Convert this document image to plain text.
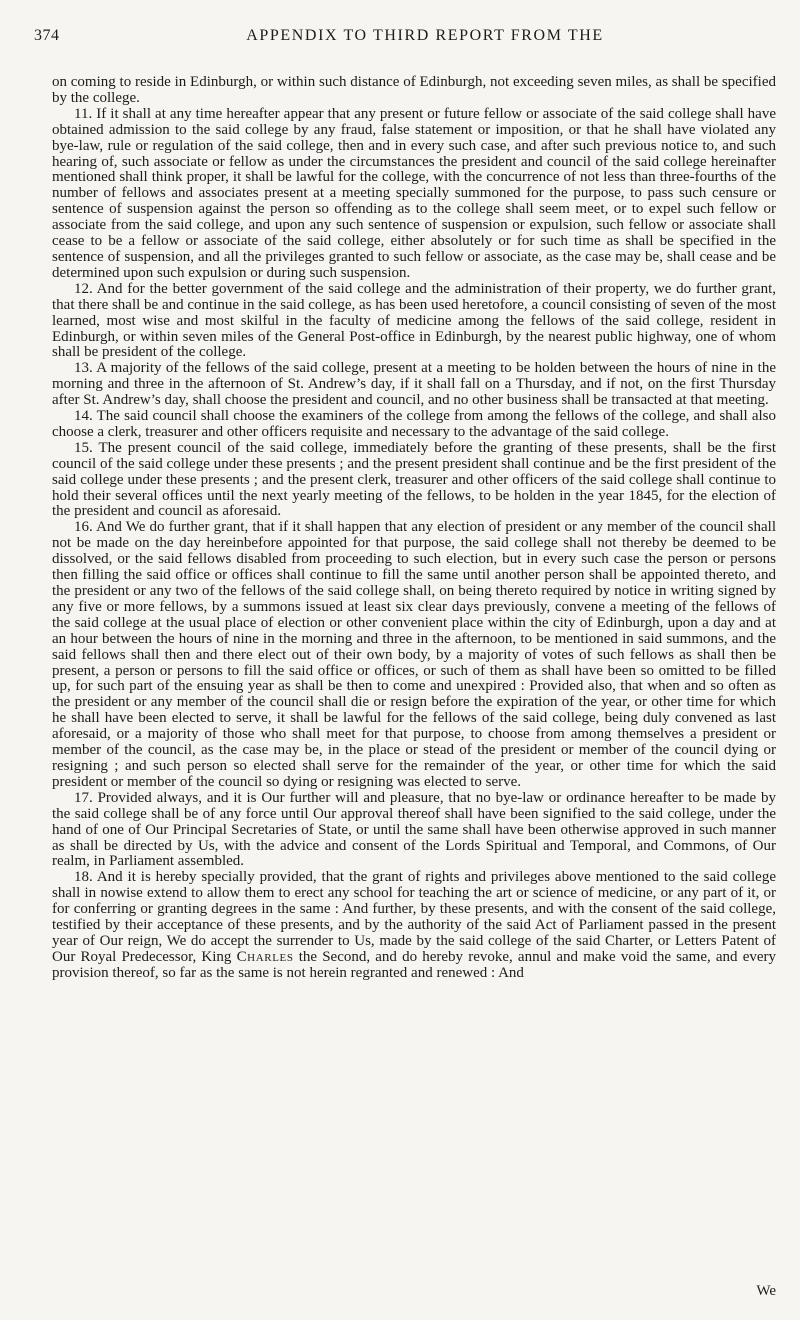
374	APPENDIX TO THIRD REPORT FROM THE

on coming to reside in Edinburgh, or within such distance of Edinburgh, not exceeding seven miles, as shall be specified by the college.

11. If it shall at any time hereafter appear that any present or future fellow or associate of the said college shall have obtained admission to the said college by any fraud, false statement or imposition, or that he shall have violated any bye-law, rule or regulation of the said college, then and in every such case, and after such previous notice to, and such hearing of, such associate or fellow as under the circumstances the president and council of the said college hereinafter mentioned shall think proper, it shall be lawful for the college, with the concurrence of not less than three-fourths of the number of fellows and associates present at a meeting specially summoned for the purpose, to pass such censure or sentence of suspension against the person so offending as to the college shall seem meet, or to expel such fellow or associate from the said college, and upon any such sentence of suspension or expulsion, such fellow or associate shall cease to be a fellow or associate of the said college, either absolutely or for such time as shall be specified in the sentence of suspension, and all the privileges granted to such fellow or associate, as the case may be, shall cease and be determined upon such expulsion or during such suspension.

12. And for the better government of the said college and the administration of their property, we do further grant, that there shall be and continue in the said college, as has been used heretofore, a council consisting of seven of the most learned, most wise and most skilful in the faculty of medicine among the fellows of the said college, resident in Edinburgh, or within seven miles of the General Post-office in Edinburgh, by the nearest public highway, one of whom shall be president of the college.

13. A majority of the fellows of the said college, present at a meeting to be holden between the hours of nine in the morning and three in the afternoon of St. Andrew’s day, if it shall fall on a Thursday, and if not, on the first Thursday after St. Andrew’s day, shall choose the president and council, and no other business shall be transacted at that meeting.

14. The said council shall choose the examiners of the college from among the fellows of the college, and shall also choose a clerk, treasurer and other officers requisite and necessary to the advantage of the said college.

15. The present council of the said college, immediately before the granting of these presents, shall be the first council of the said college under these presents ; and the present president shall continue and be the first president of the said college under these presents ; and the present clerk, treasurer and other officers of the said college shall continue to hold their several offices until the next yearly meeting of the fellows, to be holden in the year 1845, for the election of the president and council as aforesaid.

16. And We do further grant, that if it shall happen that any election of president or any member of the council shall not be made on the day hereinbefore appointed for that purpose, the said college shall not thereby be deemed to be dissolved, or the said fellows disabled from proceeding to such election, but in every such case the person or persons then filling the said office or offices shall continue to fill the same until another person shall be appointed thereto, and the president or any two of the fellows of the said college shall, on being thereto required by notice in writing signed by any five or more fellows, by a summons issued at least six clear days previously, convene a meeting of the fellows of the said college at the usual place of election or other convenient place within the city of Edinburgh, upon a day and at an hour between the hours of nine in the morning and three in the afternoon, to be mentioned in said summons, and the said fellows shall then and there elect out of their own body, by a majority of votes of such fellows as shall then be present, a person or persons to fill the said office or offices, or such of them as shall have been so omitted to be filled up, for such part of the ensuing year as shall be then to come and unexpired : Provided also, that when and so often as the president or any member of the council shall die or resign before the expiration of the year, or other time for which he shall have been elected to serve, it shall be lawful for the fellows of the said college, being duly convened as last aforesaid, or a majority of those who shall meet for that purpose, to choose from among themselves a president or member of the council, as the case may be, in the place or stead of the president or member of the council dying or resigning ; and such person so elected shall serve for the remainder of the year, or other time for which the said president or member of the council so dying or resigning was elected to serve.

17. Provided always, and it is Our further will and pleasure, that no bye-law or ordinance hereafter to be made by the said college shall be of any force until Our approval thereof shall have been signified to the said college, under the hand of one of Our Principal Secretaries of State, or until the same shall have been otherwise approved in such manner as shall be directed by Us, with the advice and consent of the Lords Spiritual and Temporal, and Commons, of Our realm, in Parliament assembled.

18. And it is hereby specially provided, that the grant of rights and privileges above mentioned to the said college shall in nowise extend to allow them to erect any school for teaching the art or science of medicine, or any part of it, or for conferring or granting degrees in the same : And further, by these presents, and with the consent of the said college, testified by their acceptance of these presents, and by the authority of the said Act of Parliament passed in the present year of Our reign, We do accept the surrender to Us, made by the said college of the said Charter, or Letters Patent of Our Royal Predecessor, King Charles the Second, and do hereby revoke, annul and make void the same, and every provision thereof, so far as the same is not herein regranted and renewed : And

We
